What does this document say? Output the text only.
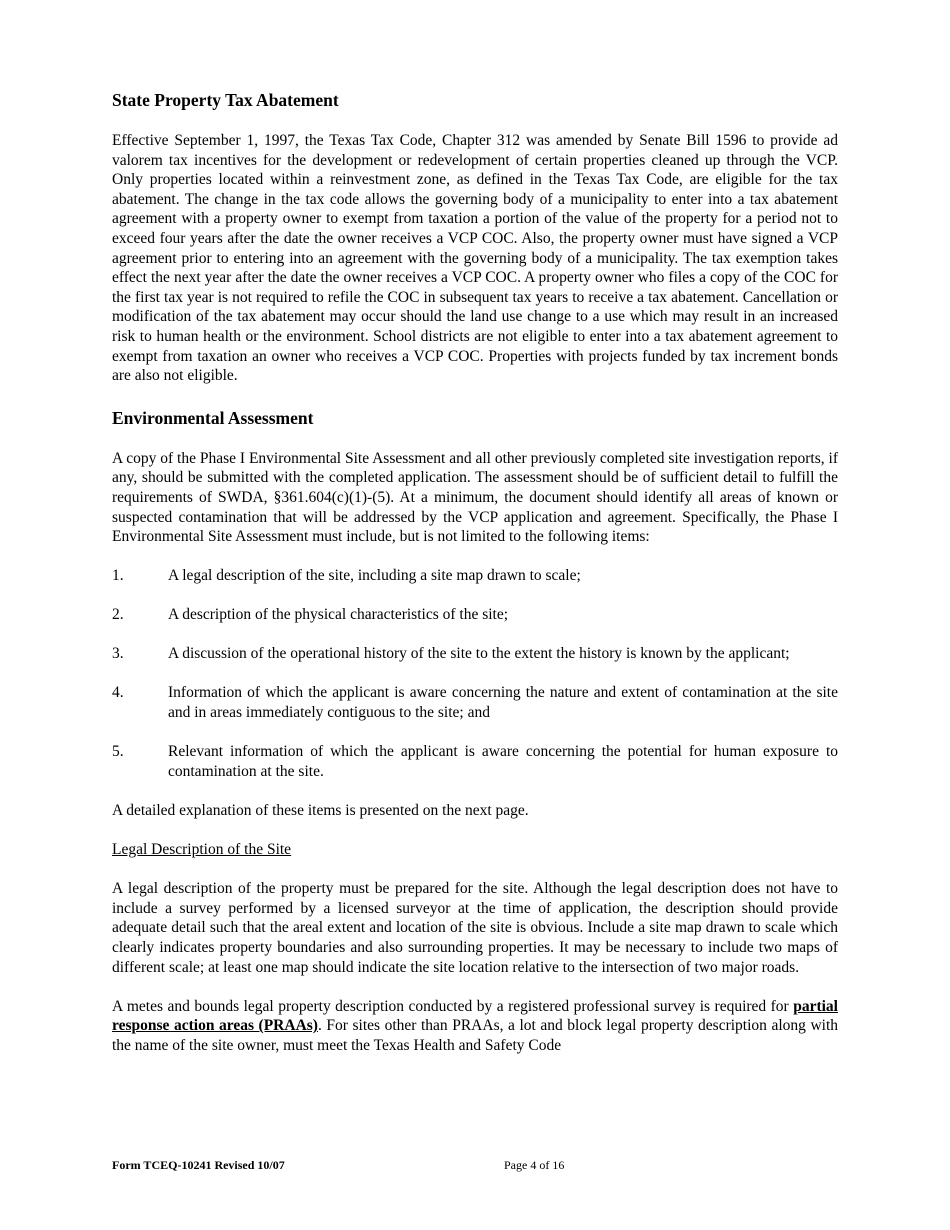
State Property Tax Abatement

Effective September 1, 1997, the Texas Tax Code, Chapter 312 was amended by Senate Bill 1596 to provide ad valorem tax incentives for the development or redevelopment of certain properties cleaned up through the VCP. Only properties located within a reinvestment zone, as defined in the Texas Tax Code, are eligible for the tax abatement. The change in the tax code allows the governing body of a municipality to enter into a tax abatement agreement with a property owner to exempt from taxation a portion of the value of the property for a period not to exceed four years after the date the owner receives a VCP COC. Also, the property owner must have signed a VCP agreement prior to entering into an agreement with the governing body of a municipality. The tax exemption takes effect the next year after the date the owner receives a VCP COC. A property owner who files a copy of the COC for the first tax year is not required to refile the COC in subsequent tax years to receive a tax abatement. Cancellation or modification of the tax abatement may occur should the land use change to a use which may result in an increased risk to human health or the environment. School districts are not eligible to enter into a tax abatement agreement to exempt from taxation an owner who receives a VCP COC. Properties with projects funded by tax increment bonds are also not eligible.

Environmental Assessment

A copy of the Phase I Environmental Site Assessment and all other previously completed site investigation reports, if any, should be submitted with the completed application. The assessment should be of sufficient detail to fulfill the requirements of SWDA, §361.604(c)(1)-(5). At a minimum, the document should identify all areas of known or suspected contamination that will be addressed by the VCP application and agreement. Specifically, the Phase I Environmental Site Assessment must include, but is not limited to the following items:

1.	A legal description of the site, including a site map drawn to scale;
2.	A description of the physical characteristics of the site;
3.	A discussion of the operational history of the site to the extent the history is known by the applicant;
4.	Information of which the applicant is aware concerning the nature and extent of contamination at the site and in areas immediately contiguous to the site; and
5.	Relevant information of which the applicant is aware concerning the potential for human exposure to contamination at the site.

A detailed explanation of these items is presented on the next page.

Legal Description of the Site

A legal description of the property must be prepared for the site. Although the legal description does not have to include a survey performed by a licensed surveyor at the time of application, the description should provide adequate detail such that the areal extent and location of the site is obvious. Include a site map drawn to scale which clearly indicates property boundaries and also surrounding properties. It may be necessary to include two maps of different scale; at least one map should indicate the site location relative to the intersection of two major roads.

A metes and bounds legal property description conducted by a registered professional survey is required for partial response action areas (PRAAs). For sites other than PRAAs, a lot and block legal property description along with the name of the site owner, must meet the Texas Health and Safety Code

Form TCEQ-10241 Revised 10/07	Page 4 of 16
